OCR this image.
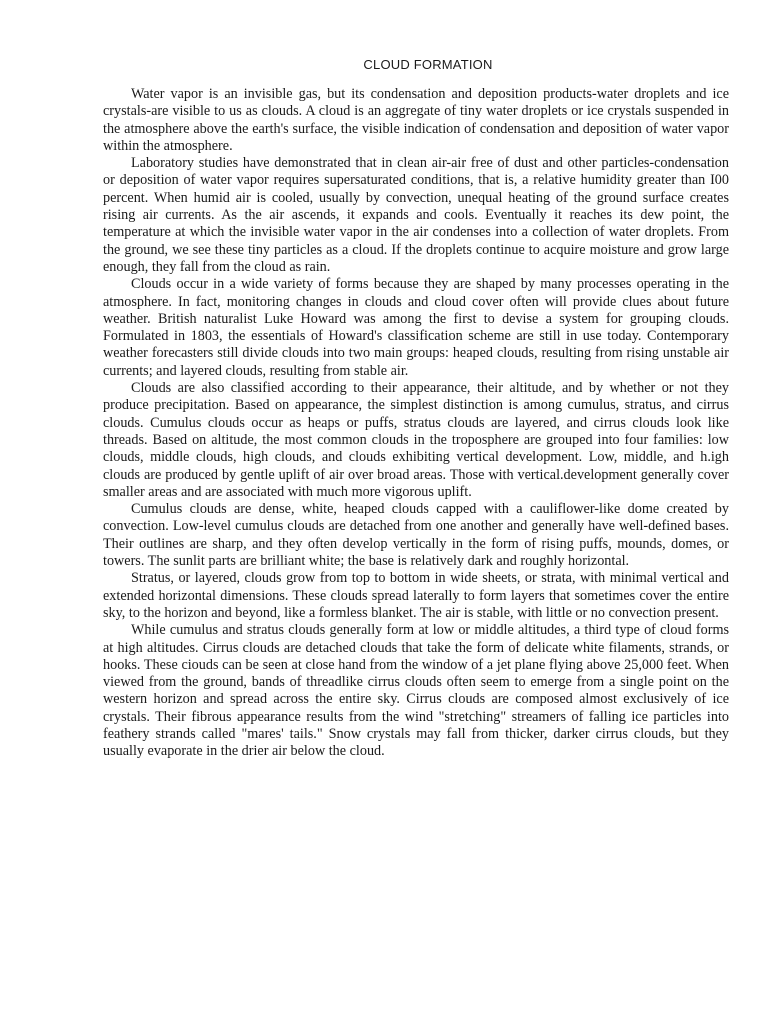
CLOUD FORMATION

Water vapor is an invisible gas, but its condensation and deposition products-water droplets and ice crystals-are visible to us as clouds. A cloud is an aggregate of tiny water droplets or ice crystals suspended in the atmosphere above the earth's surface, the visible indication of condensation and deposition of water vapor within the atmosphere.

Laboratory studies have demonstrated that in clean air-air free of dust and other particles-condensation or deposition of water vapor requires supersaturated conditions, that is, a relative humidity greater than I00 percent. When humid air is cooled, usually by convection, unequal heating of the ground surface creates rising air currents. As the air ascends, it expands and cools. Eventually it reaches its dew point, the temperature at which the invisible water vapor in the air condenses into a collection of water droplets. From the ground, we see these tiny particles as a cloud. If the droplets continue to acquire moisture and grow large enough, they fall from the cloud as rain.

Clouds occur in a wide variety of forms because they are shaped by many processes operating in the atmosphere. In fact, monitoring changes in clouds and cloud cover often will provide clues about future weather. British naturalist Luke Howard was among the first to devise a system for grouping clouds. Formulated in 1803, the essentials of Howard's classification scheme are still in use today. Contemporary weather forecasters still divide clouds into two main groups: heaped clouds, resulting from rising unstable air currents; and layered clouds, resulting from stable air.

Clouds are also classified according to their appearance, their altitude, and by whether or not they produce precipitation. Based on appearance, the simplest distinction is among cumulus, stratus, and cirrus clouds. Cumulus clouds occur as heaps or puffs, stratus clouds are layered, and cirrus clouds look like threads. Based on altitude, the most common clouds in the troposphere are grouped into four families: low clouds, middle clouds, high clouds, and clouds exhibiting vertical development. Low, middle, and h.igh clouds are produced by gentle uplift of air over broad areas. Those with vertical.development generally cover smaller areas and are associated with much more vigorous uplift.

Cumulus clouds are dense, white, heaped clouds capped with a cauliflower-like dome created by convection. Low-level cumulus clouds are detached from one another and generally have well-defined bases. Their outlines are sharp, and they often develop vertically in the form of rising puffs, mounds, domes, or towers. The sunlit parts are brilliant white; the base is relatively dark and roughly horizontal.

Stratus, or layered, clouds grow from top to bottom in wide sheets, or strata, with minimal vertical and extended horizontal dimensions. These clouds spread laterally to form layers that sometimes cover the entire sky, to the horizon and beyond, like a formless blanket. The air is stable, with little or no convection present.

While cumulus and stratus clouds generally form at low or middle altitudes, a third type of cloud forms at high altitudes. Cirrus clouds are detached clouds that take the form of delicate white filaments, strands, or hooks. These ciouds can be seen at close hand from the window of a jet plane flying above 25,000 feet. When viewed from the ground, bands of threadlike cirrus clouds often seem to emerge from a single point on the western horizon and spread across the entire sky. Cirrus clouds are composed almost exclusively of ice crystals. Their fibrous appearance results from the wind "stretching" streamers of falling ice particles into feathery strands called "mares' tails." Snow crystals may fall from thicker, darker cirrus clouds, but they usually evaporate in the drier air below the cloud.
